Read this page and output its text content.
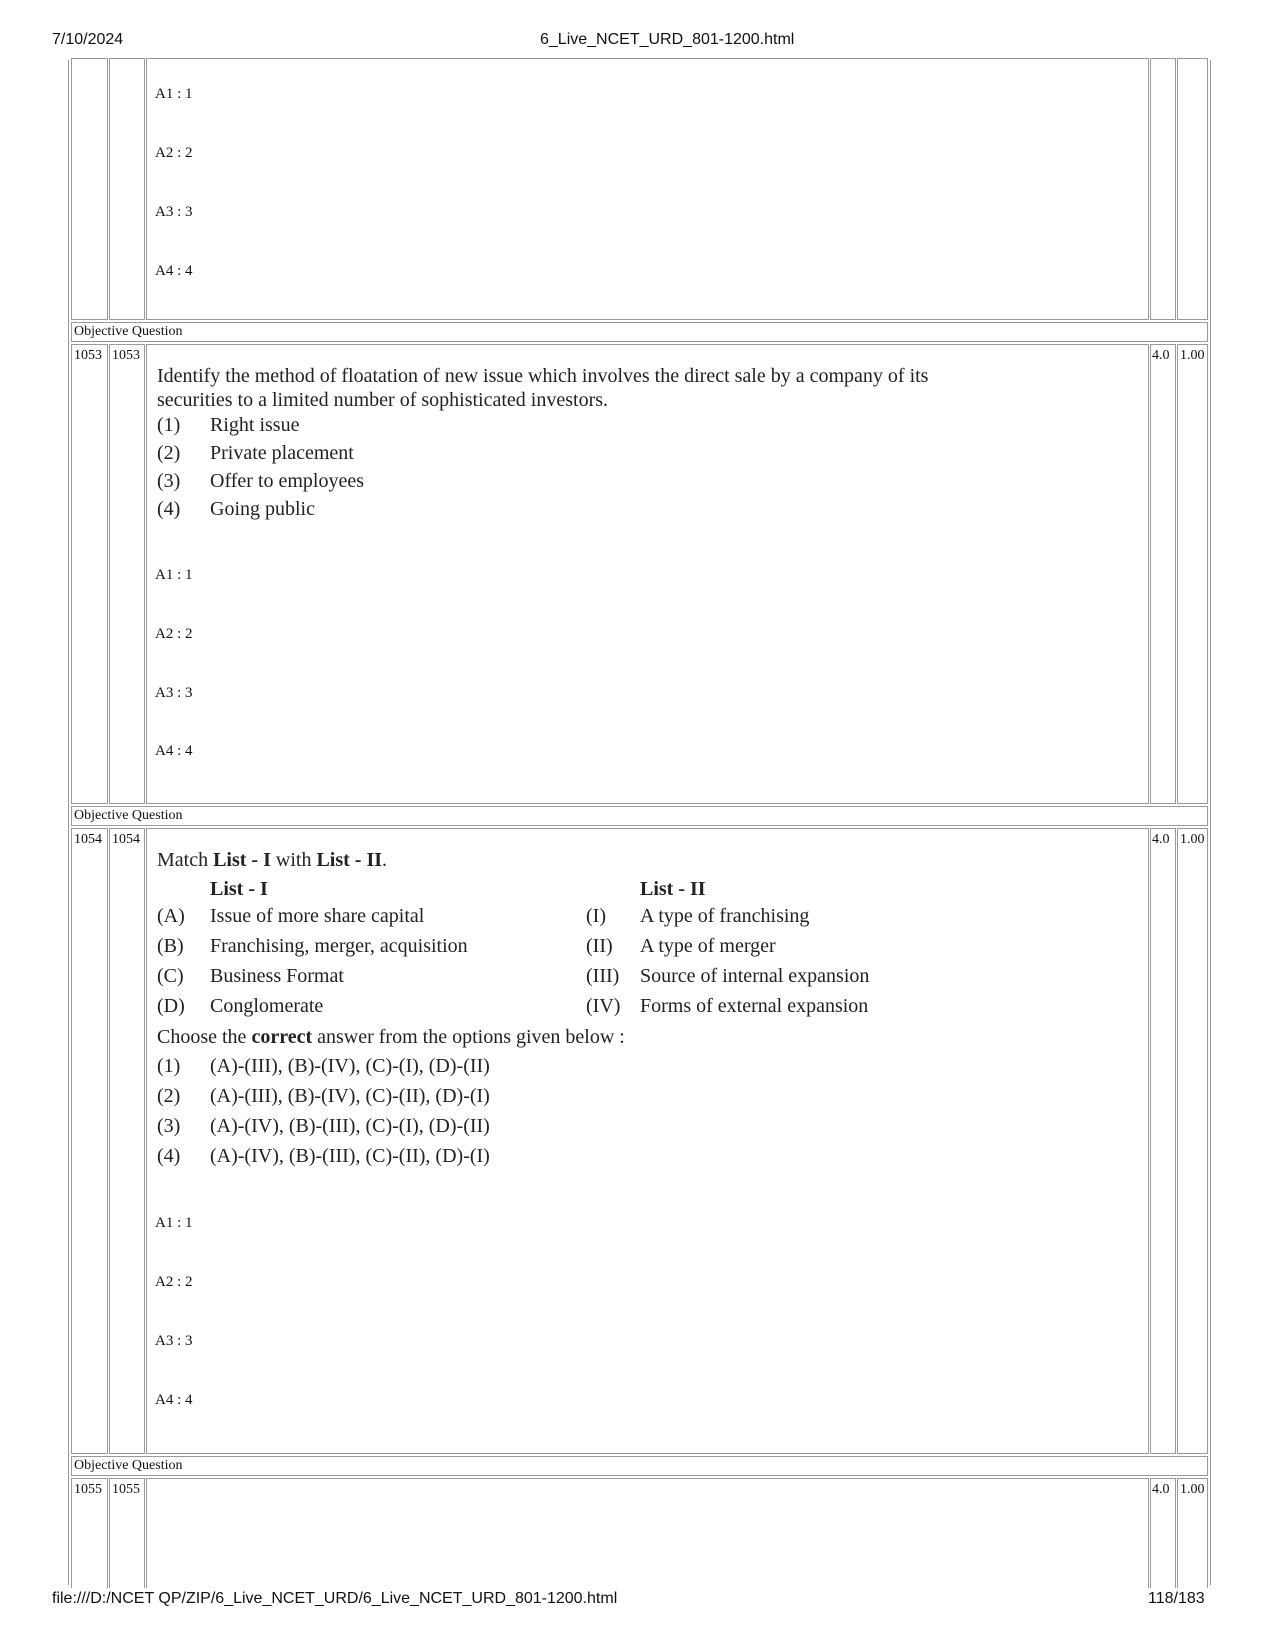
7/10/2024	6_Live_NCET_URD_801-1200.html
file:///D:/NCET QP/ZIP/6_Live_NCET_URD/6_Live_NCET_URD_801-1200.html	118/183
A1 : 1
A2 : 2
A3 : 3
A4 : 4
Objective Question
1053 1053	4.0 1.00
Identify the method of floatation of new issue which involves the direct sale by a company of its
securities to a limited number of sophisticated investors.
(1) Right issue
(2) Private placement
(3) Offer to employees
(4) Going public
A1 : 1
A2 : 2
A3 : 3
A4 : 4
Objective Question
1054 1054	4.0 1.00
Match List - I with List - II.
List - I	List - II
(A) Issue of more share capital	(I) A type of franchising
(B) Franchising, merger, acquisition	(II) A type of merger
(C) Business Format	(III) Source of internal expansion
(D) Conglomerate	(IV) Forms of external expansion
Choose the correct answer from the options given below :
(1) (A)-(III), (B)-(IV), (C)-(I), (D)-(II)
(2) (A)-(III), (B)-(IV), (C)-(II), (D)-(I)
(3) (A)-(IV), (B)-(III), (C)-(I), (D)-(II)
(4) (A)-(IV), (B)-(III), (C)-(II), (D)-(I)
A1 : 1
A2 : 2
A3 : 3
A4 : 4
Objective Question
1055 1055	4.0 1.00
